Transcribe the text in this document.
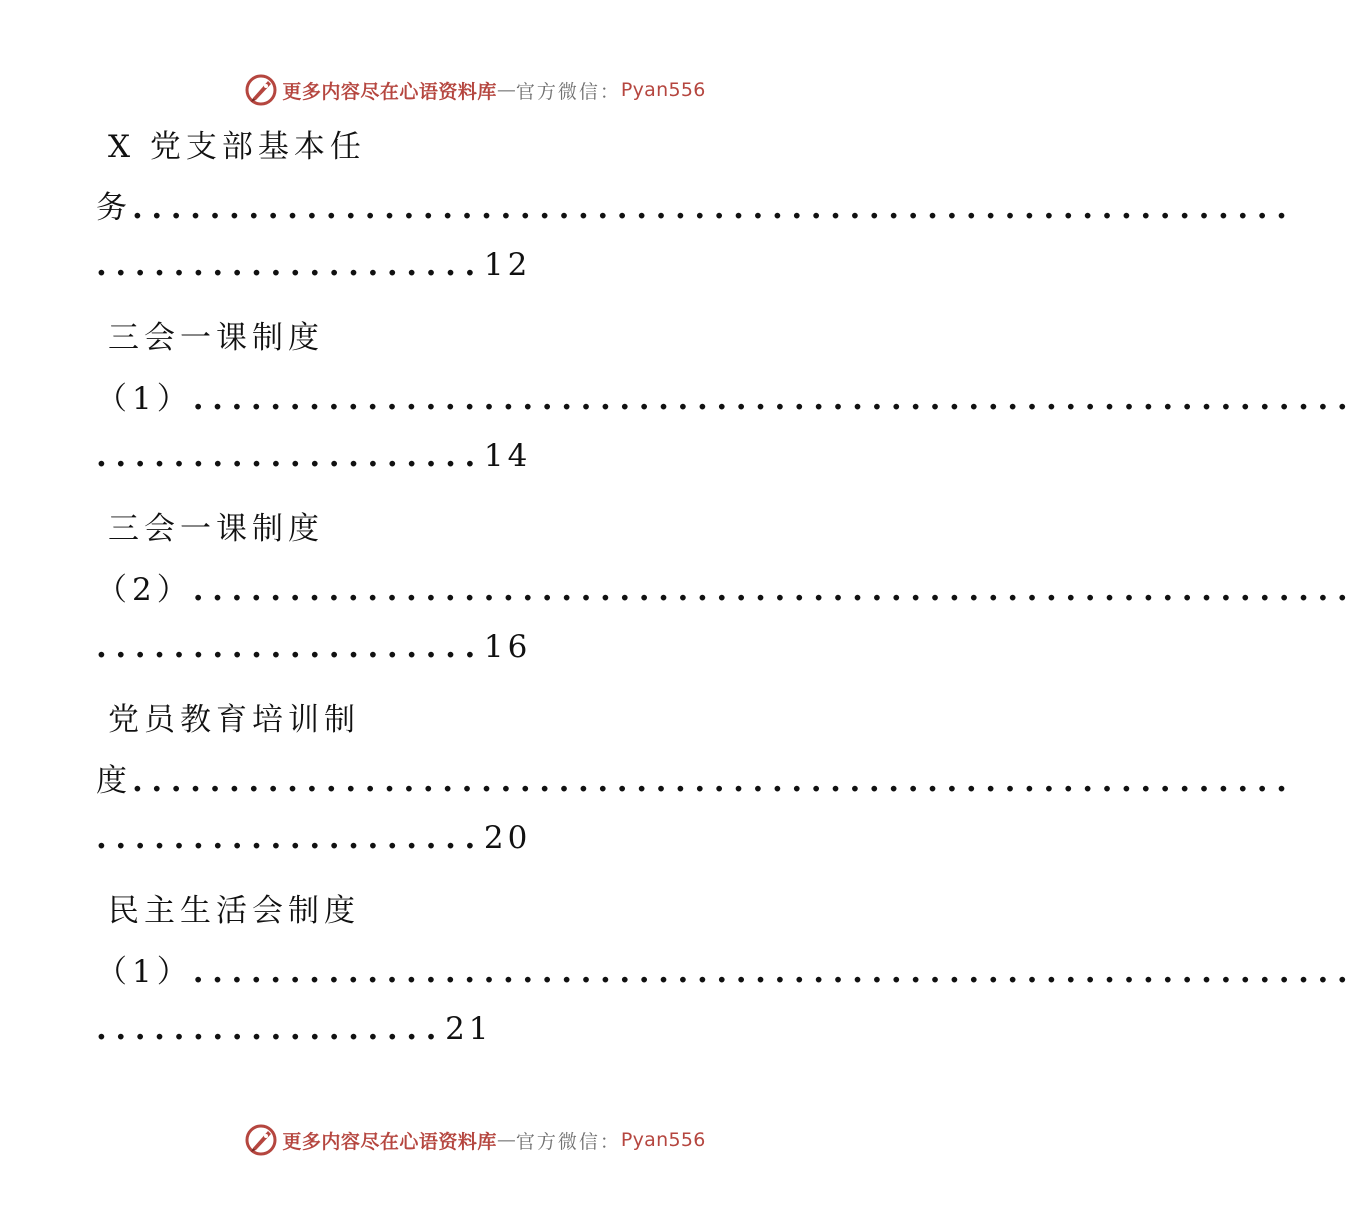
更多内容尽在心语资料库 — 官方微信： Pyan556
X 党支部基本任
务............................................................
....................12
三会一课制度
（1）............................................................
....................14
三会一课制度
（2）............................................................
....................16
党员教育培训制
度............................................................
....................20
民主生活会制度
（1）............................................................
..................21
更多内容尽在心语资料库 — 官方微信： Pyan556
